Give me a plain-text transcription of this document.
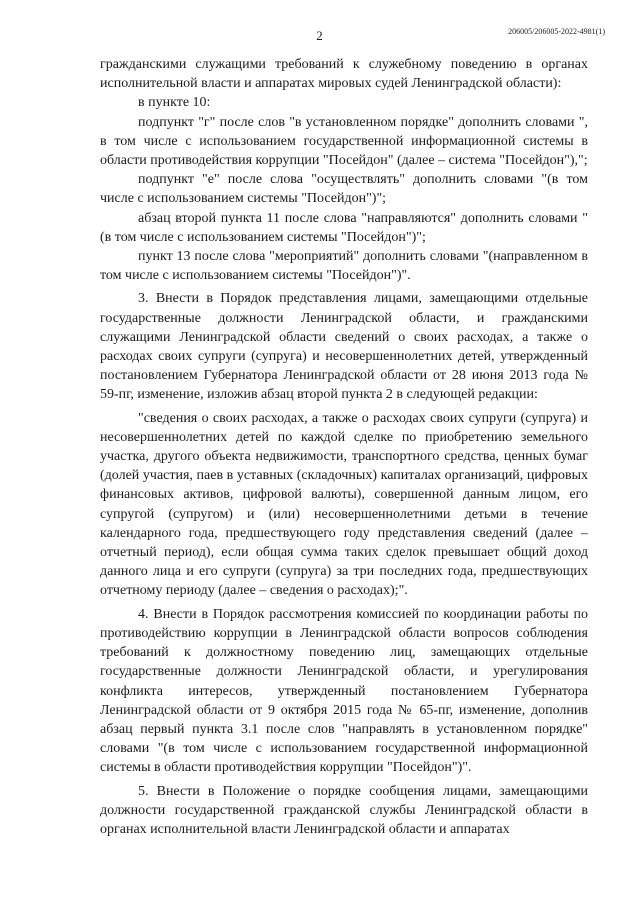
2	206005/206005-2022-4981(1)

гражданскими служащими требований к служебному поведению в органах исполнительной власти и аппаратах мировых судей Ленинградской области):

в пункте 10:

подпункт "г" после слов "в установленном порядке" дополнить словами ", в том числе с использованием государственной информационной системы в области противодействия коррупции "Посейдон" (далее – система "Посейдон"),";

подпункт "е" после слова "осуществлять" дополнить словами "(в том числе с использованием системы "Посейдон")";

абзац второй пункта 11 после слова "направляются" дополнить словами "(в том числе с использованием системы "Посейдон")";

пункт 13 после слова "мероприятий" дополнить словами "(направленном в том числе с использованием системы "Посейдон")".

3. Внести в Порядок представления лицами, замещающими отдельные государственные должности Ленинградской области, и гражданскими служащими Ленинградской области сведений о своих расходах, а также о расходах своих супруги (супруга) и несовершеннолетних детей, утвержденный постановлением Губернатора Ленинградской области от 28 июня 2013 года № 59-пг, изменение, изложив абзац второй пункта 2 в следующей редакции:

"сведения о своих расходах, а также о расходах своих супруги (супруга) и несовершеннолетних детей по каждой сделке по приобретению земельного участка, другого объекта недвижимости, транспортного средства, ценных бумаг (долей участия, паев в уставных (складочных) капиталах организаций, цифровых финансовых активов, цифровой валюты), совершенной данным лицом, его супругой (супругом) и (или) несовершеннолетними детьми в течение календарного года, предшествующего году представления сведений (далее – отчетный период), если общая сумма таких сделок превышает общий доход данного лица и его супруги (супруга) за три последних года, предшествующих отчетному периоду (далее – сведения о расходах);".

4. Внести в Порядок рассмотрения комиссией по координации работы по противодействию коррупции в Ленинградской области вопросов соблюдения требований к должностному поведению лиц, замещающих отдельные государственные должности Ленинградской области, и урегулирования конфликта интересов, утвержденный постановлением Губернатора Ленинградской области от 9 октября 2015 года № 65-пг, изменение, дополнив абзац первый пункта 3.1 после слов "направлять в установленном порядке" словами "(в том числе с использованием государственной информационной системы в области противодействия коррупции "Посейдон")".

5. Внести в Положение о порядке сообщения лицами, замещающими должности государственной гражданской службы Ленинградской области в органах исполнительной власти Ленинградской области и аппаратах
